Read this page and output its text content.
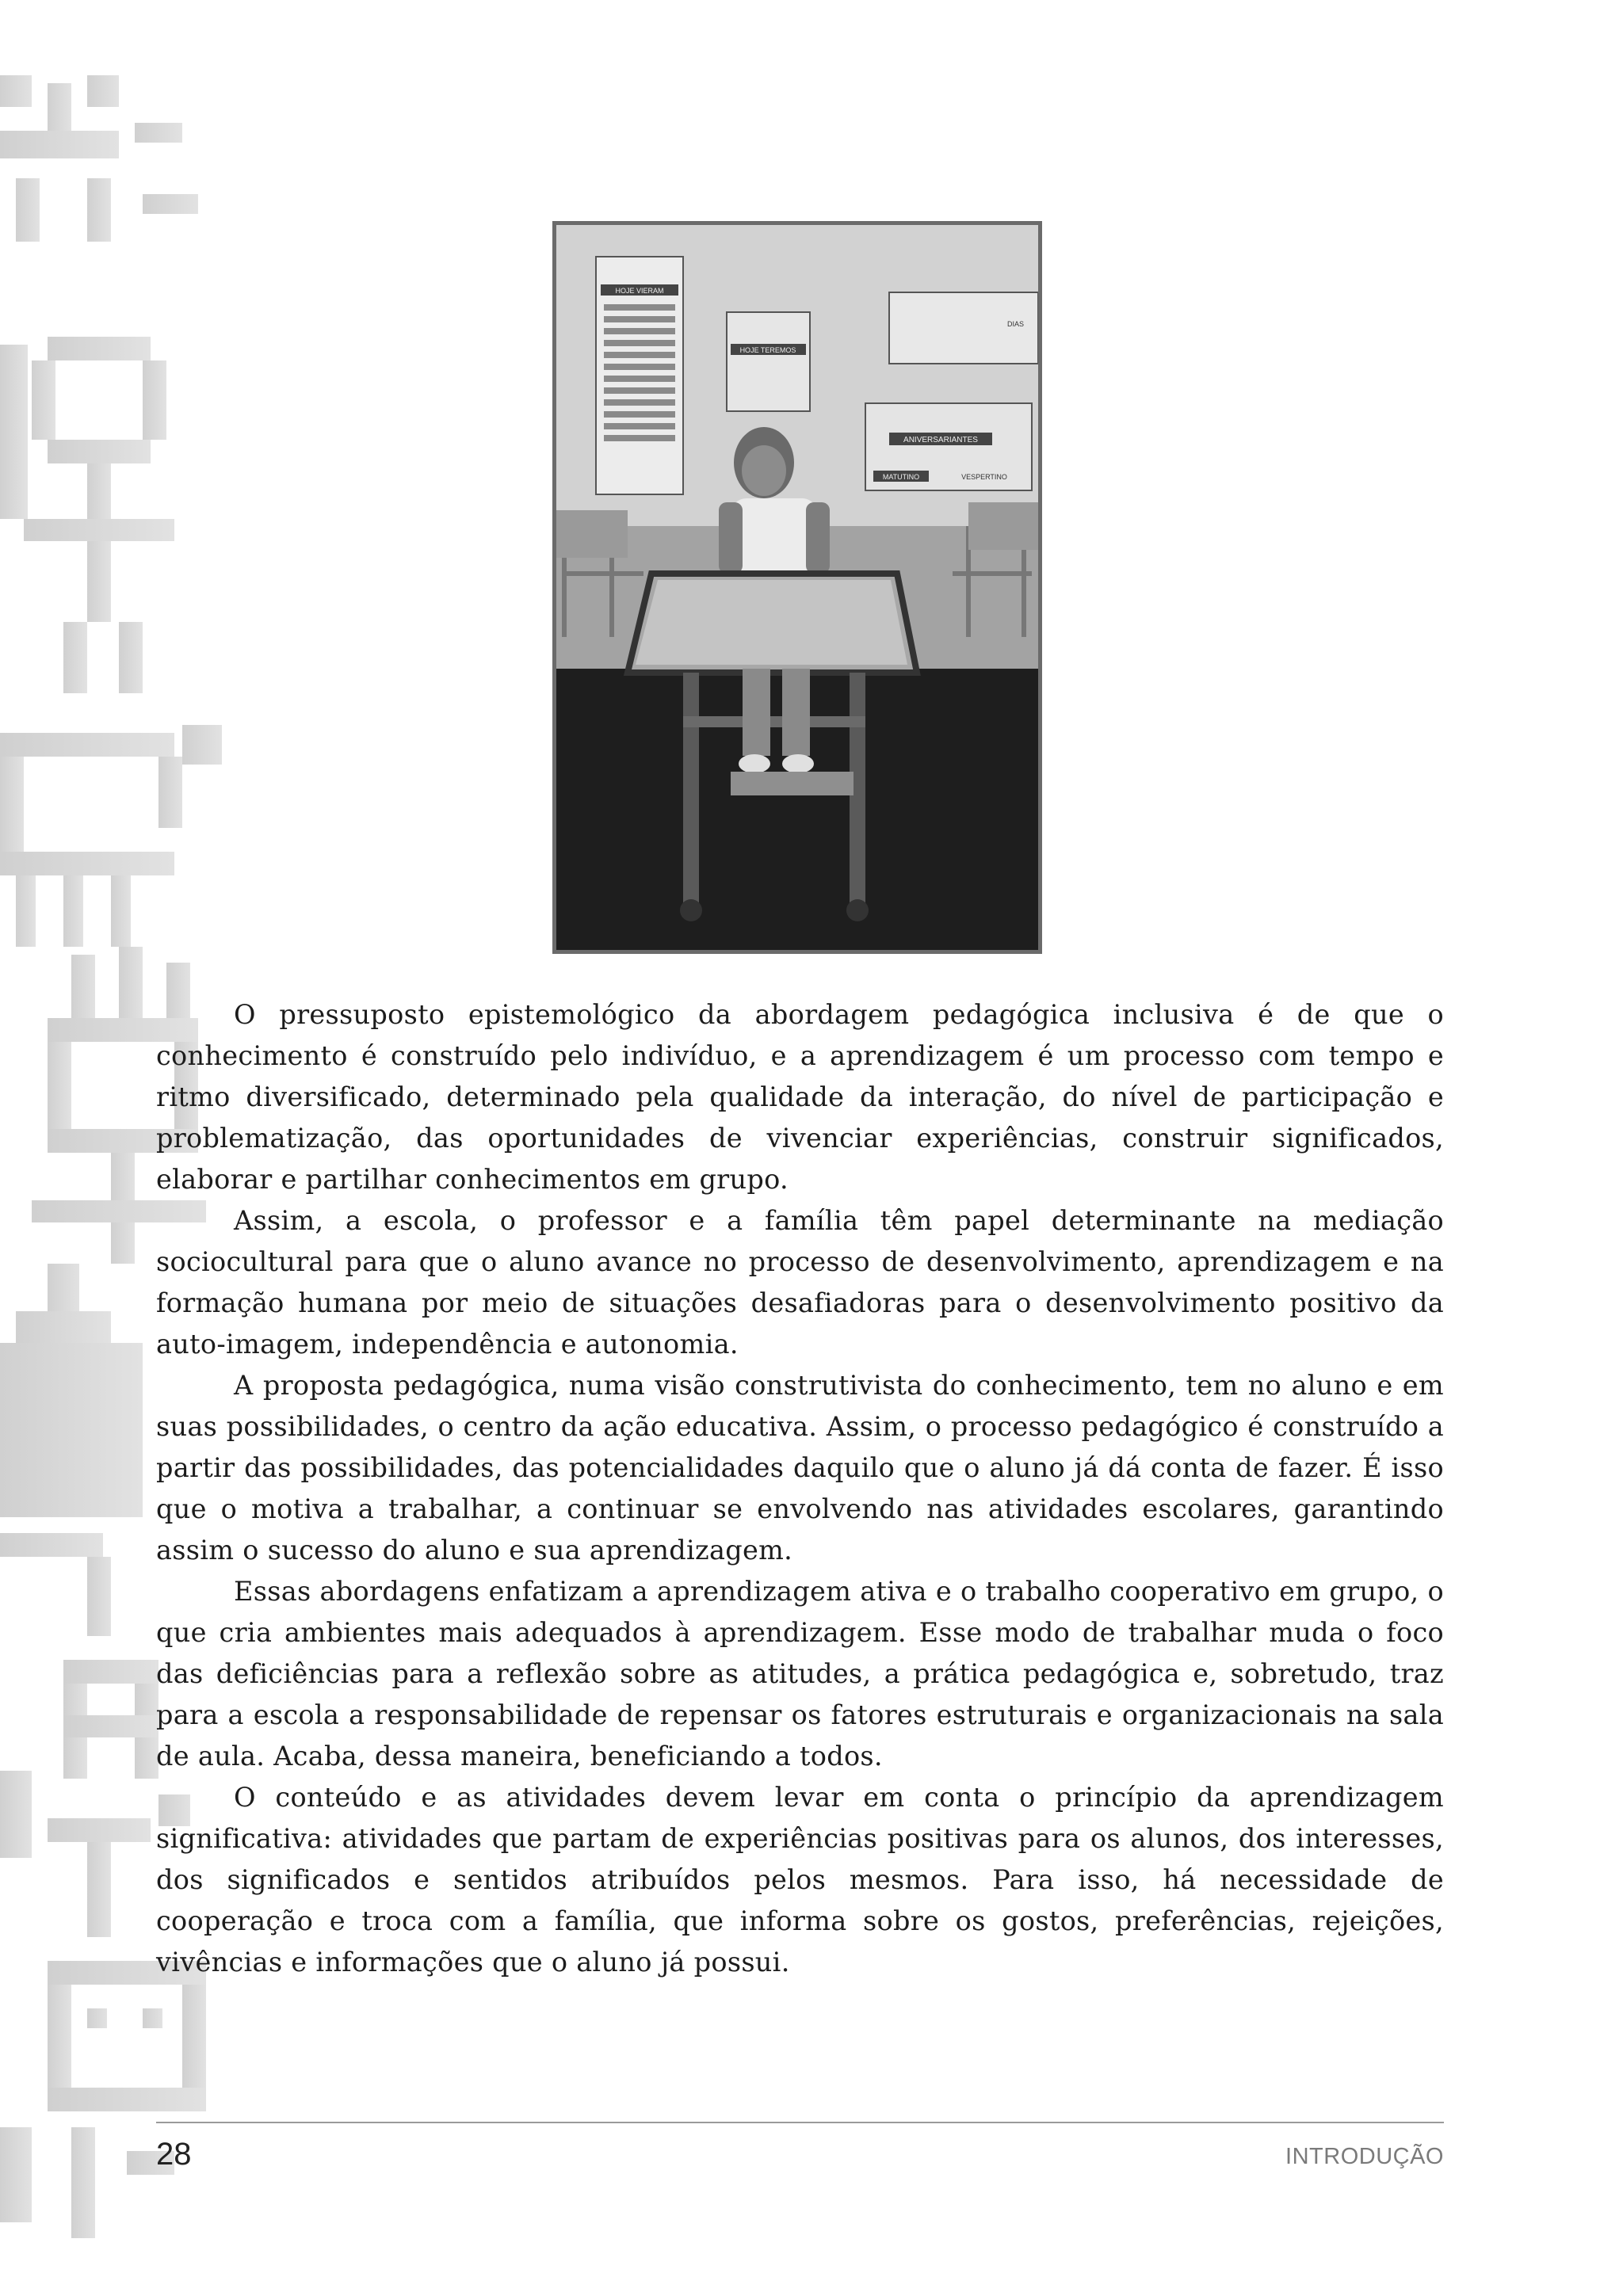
HOJE VIERAM
HOJE TEREMOS
DIAS
ANIVERSARIANTES
MATUTINO	VESPERTINO

O pressuposto epistemológico da abordagem pedagógica inclusiva é de que o conhecimento é construído pelo indivíduo, e a aprendizagem é um processo com tempo e ritmo diversificado, determinado pela qualidade da interação, do nível de participação e problematização, das oportunidades de vivenciar experiências, construir significados, elaborar e partilhar conhecimentos em grupo.

Assim, a escola, o professor e a família têm papel determinante na mediação sociocultural para que o aluno avance no processo de desenvolvimento, aprendizagem e na formação humana por meio de situações desafiadoras para o desenvolvimento positivo da auto-imagem, independência e autonomia.

A proposta pedagógica, numa visão construtivista do conhecimento, tem no aluno e em suas possibilidades, o centro da ação educativa. Assim, o processo pedagógico é construído a partir das possibilidades, das potencialidades daquilo que o aluno já dá conta de fazer. É isso que o motiva a trabalhar, a continuar se envolvendo nas atividades escolares, garantindo assim o sucesso do aluno e sua aprendizagem.

Essas abordagens enfatizam a aprendizagem ativa e o trabalho cooperativo em grupo, o que cria ambientes mais adequados à aprendizagem. Esse modo de trabalhar muda o foco das deficiências para a reflexão sobre as atitudes, a prática pedagógica e, sobretudo, traz para a escola a responsabilidade de repensar os fatores estruturais e organizacionais na sala de aula. Acaba, dessa maneira, beneficiando a todos.

O conteúdo e as atividades devem levar em conta o princípio da aprendizagem significativa: atividades que partam de experiências positivas para os alunos, dos interesses, dos significados e sentidos atribuídos pelos mesmos. Para isso, há necessidade de cooperação e troca com a família, que informa sobre os gostos, preferências, rejeições, vivências e informações que o aluno já possui.

28	INTRODUÇÃO
